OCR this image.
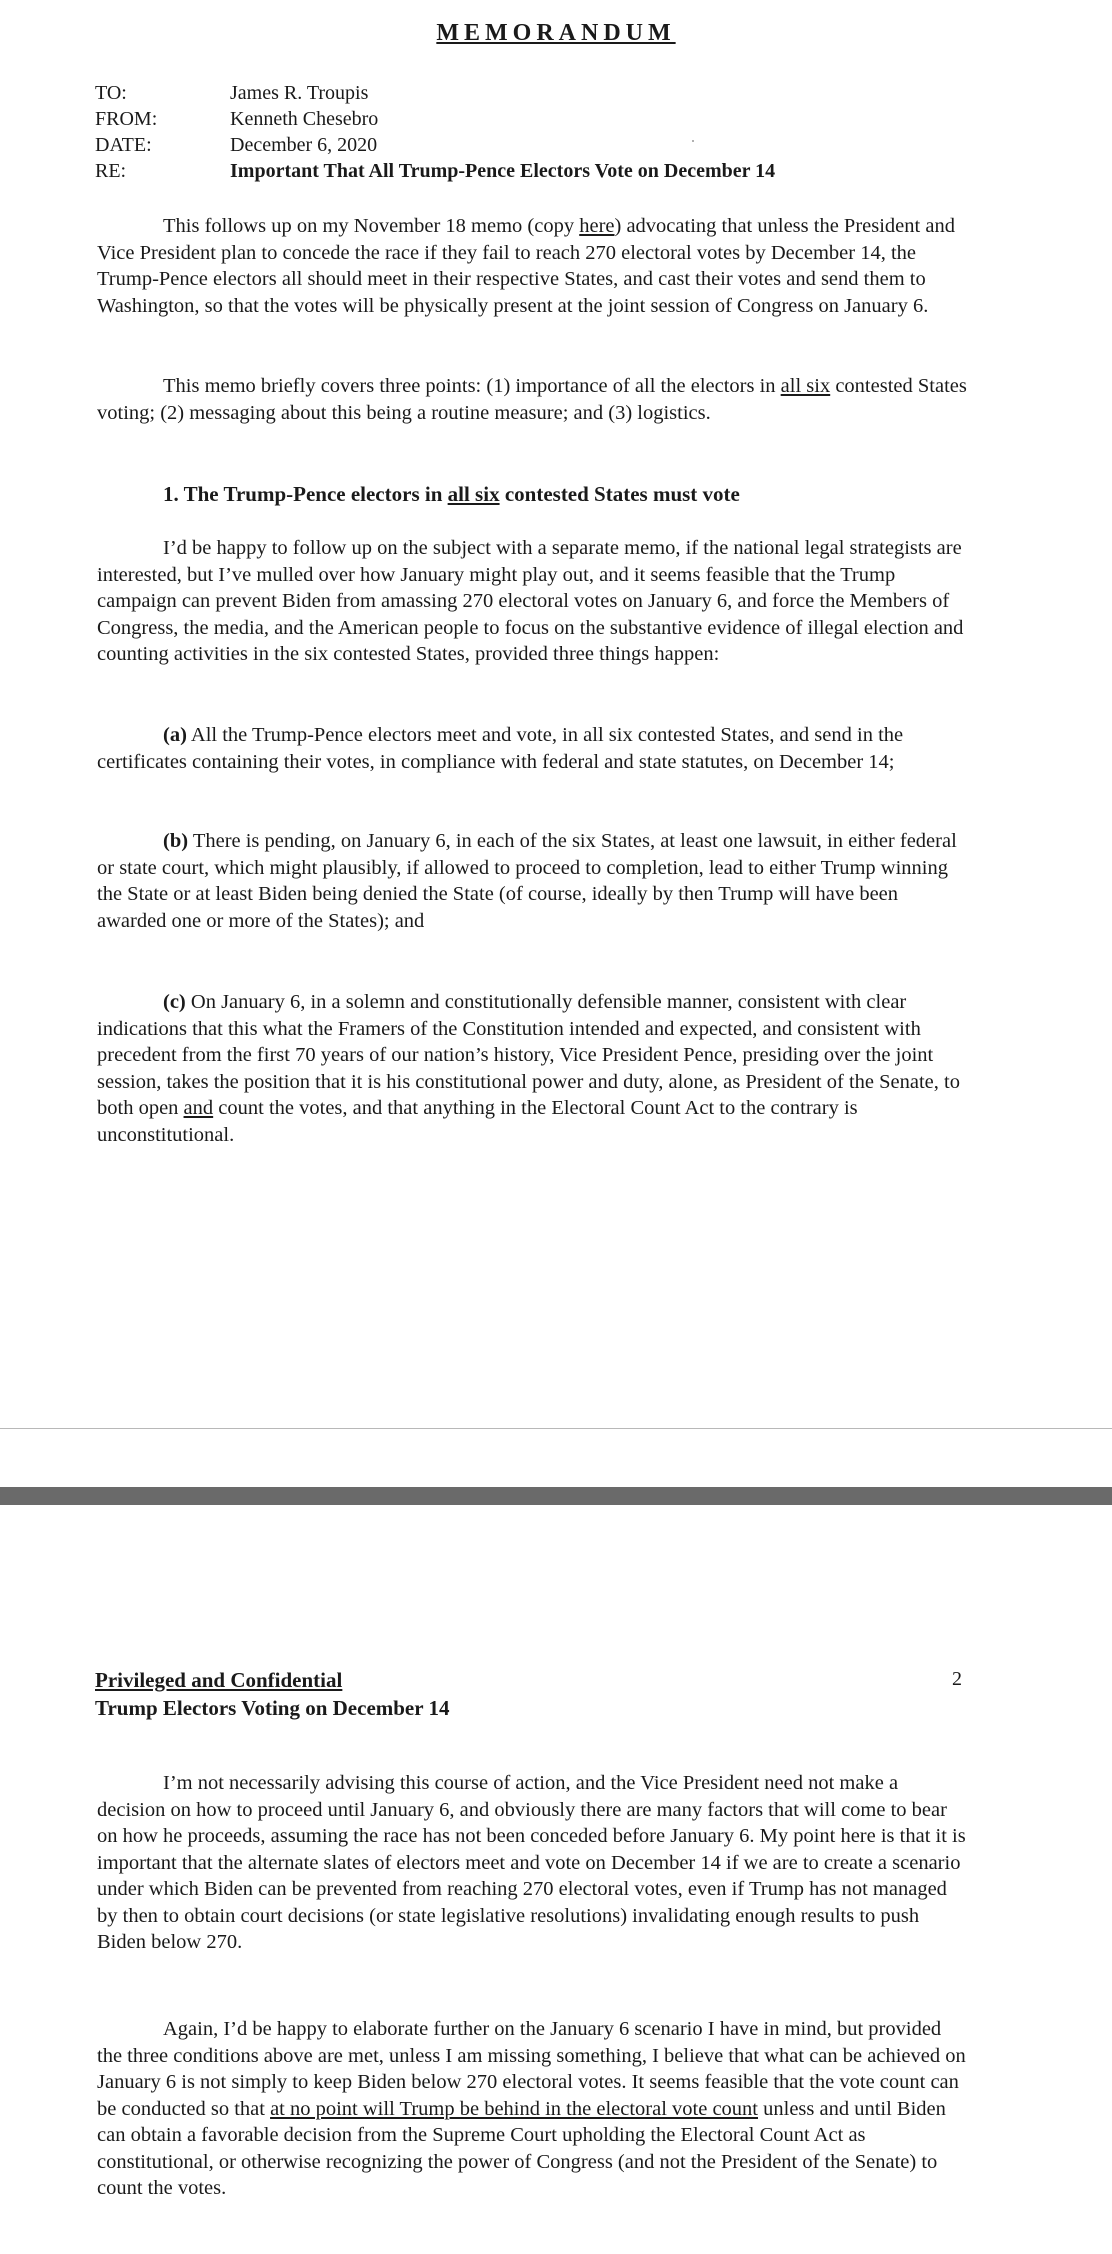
MEMORANDUM
TO:	James R. Troupis
FROM:	Kenneth Chesebro
DATE:	December 6, 2020
RE:	Important That All Trump-Pence Electors Vote on December 14

This follows up on my November 18 memo (copy here) advocating that unless the President and Vice President plan to concede the race if they fail to reach 270 electoral votes by December 14, the Trump-Pence electors all should meet in their respective States, and cast their votes and send them to Washington, so that the votes will be physically present at the joint session of Congress on January 6.

This memo briefly covers three points: (1) importance of all the electors in all six contested States voting; (2) messaging about this being a routine measure; and (3) logistics.

1. The Trump-Pence electors in all six contested States must vote

I’d be happy to follow up on the subject with a separate memo, if the national legal strategists are interested, but I’ve mulled over how January might play out, and it seems feasible that the Trump campaign can prevent Biden from amassing 270 electoral votes on January 6, and force the Members of Congress, the media, and the American people to focus on the substantive evidence of illegal election and counting activities in the six contested States, provided three things happen:

(a) All the Trump-Pence electors meet and vote, in all six contested States, and send in the certificates containing their votes, in compliance with federal and state statutes, on December 14;

(b) There is pending, on January 6, in each of the six States, at least one lawsuit, in either federal or state court, which might plausibly, if allowed to proceed to completion, lead to either Trump winning the State or at least Biden being denied the State (of course, ideally by then Trump will have been awarded one or more of the States); and

(c) On January 6, in a solemn and constitutionally defensible manner, consistent with clear indications that this what the Framers of the Constitution intended and expected, and consistent with precedent from the first 70 years of our nation’s history, Vice President Pence, presiding over the joint session, takes the position that it is his constitutional power and duty, alone, as President of the Senate, to both open and count the votes, and that anything in the Electoral Count Act to the contrary is unconstitutional.

Privileged and Confidential
Trump Electors Voting on December 14
2

I’m not necessarily advising this course of action, and the Vice President need not make a decision on how to proceed until January 6, and obviously there are many factors that will come to bear on how he proceeds, assuming the race has not been conceded before January 6. My point here is that it is important that the alternate slates of electors meet and vote on December 14 if we are to create a scenario under which Biden can be prevented from reaching 270 electoral votes, even if Trump has not managed by then to obtain court decisions (or state legislative resolutions) invalidating enough results to push Biden below 270.

Again, I’d be happy to elaborate further on the January 6 scenario I have in mind, but provided the three conditions above are met, unless I am missing something, I believe that what can be achieved on January 6 is not simply to keep Biden below 270 electoral votes. It seems feasible that the vote count can be conducted so that at no point will Trump be behind in the electoral vote count unless and until Biden can obtain a favorable decision from the Supreme Court upholding the Electoral Count Act as constitutional, or otherwise recognizing the power of Congress (and not the President of the Senate) to count the votes.
